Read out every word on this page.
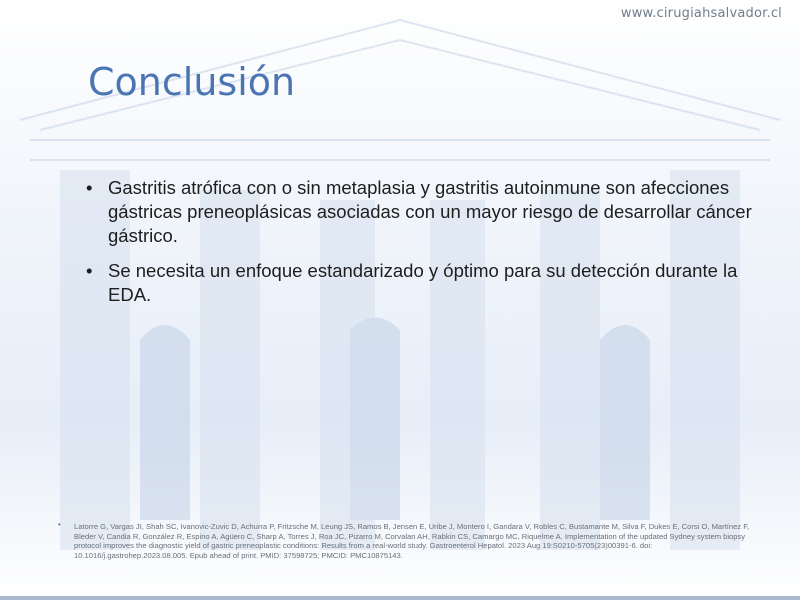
www.cirugiahsalvador.cl
Conclusión
• Gastritis atrófica con o sin metaplasia y gastritis autoinmune son afecciones gástricas preneoplásicas asociadas con un mayor riesgo de desarrollar cáncer gástrico.
• Se necesita un enfoque estandarizado y óptimo para su detección durante la EDA.
• Latorre G, Vargas JI, Shah SC, Ivanovic-Zuvic D, Achurra P, Fritzsche M, Leung JS, Ramos B, Jensen E, Uribe J, Montero I, Gandara V, Robles C, Bustamante M, Silva F, Dukes E, Corsi O, Martínez F, Bleder V, Candia R, González R, Espino A, Agüero C, Sharp A, Torres J, Roa JC, Pizarro M, Corvalan AH, Rabkin CS, Camargo MC, Riquelme A. Implementation of the updated Sydney system biopsy protocol improves the diagnostic yield of gastric preneoplastic conditions: Results from a real-world study. Gastroenterol Hepatol. 2023 Aug 19:S0210-5705(23)00391-6. doi: 10.1016/j.gastrohep.2023.08.005. Epub ahead of print. PMID: 37598725; PMCID: PMC10875143.
